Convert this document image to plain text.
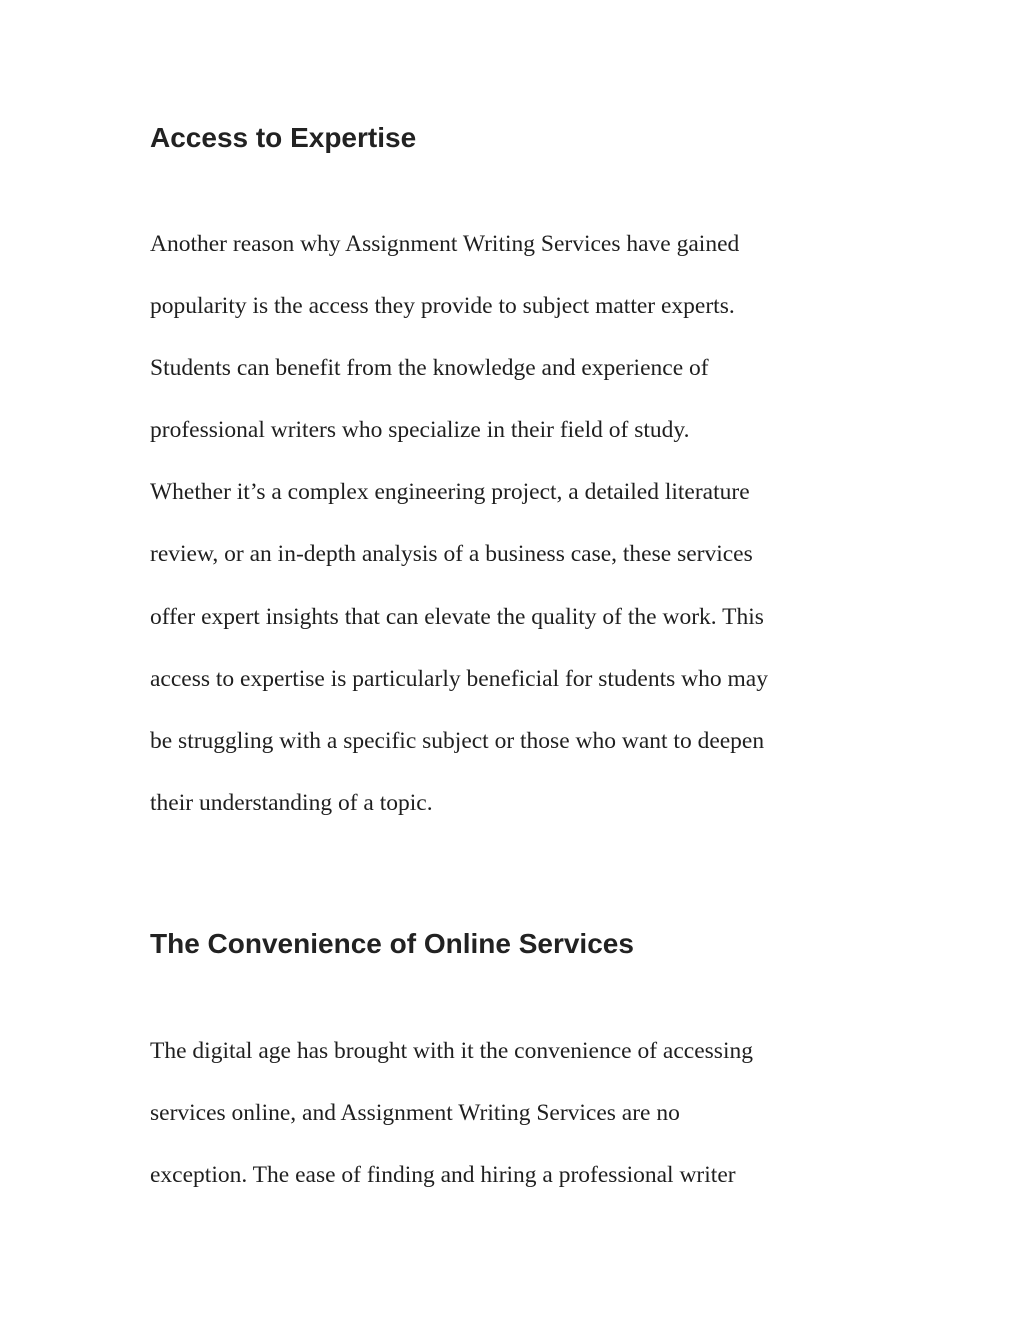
Access to Expertise

Another reason why Assignment Writing Services have gained

popularity is the access they provide to subject matter experts.

Students can benefit from the knowledge and experience of

professional writers who specialize in their field of study.

Whether it’s a complex engineering project, a detailed literature

review, or an in-depth analysis of a business case, these services

offer expert insights that can elevate the quality of the work. This

access to expertise is particularly beneficial for students who may

be struggling with a specific subject or those who want to deepen

their understanding of a topic.

The Convenience of Online Services

The digital age has brought with it the convenience of accessing

services online, and Assignment Writing Services are no

exception. The ease of finding and hiring a professional writer
